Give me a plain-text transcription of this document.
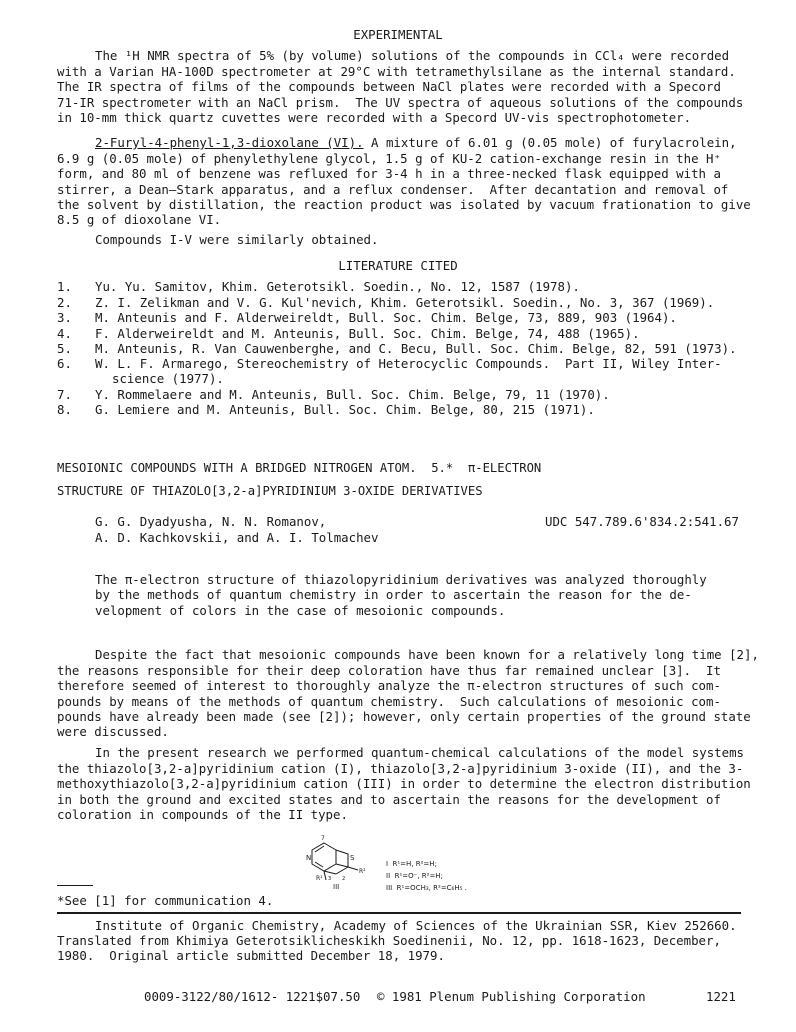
EXPERIMENTAL
The ¹H NMR spectra of 5% (by volume) solutions of the compounds in CCl₄ were recorded
with a Varian HA-100D spectrometer at 29°C with tetramethylsilane as the internal standard.
The IR spectra of films of the compounds between NaCl plates were recorded with a Specord
71-IR spectrometer with an NaCl prism.  The UV spectra of aqueous solutions of the compounds
in 10-mm thick quartz cuvettes were recorded with a Specord UV-vis spectrophotometer.
2-Furyl-4-phenyl-1,3-dioxolane (VI). A mixture of 6.01 g (0.05 mole) of furylacrolein,
6.9 g (0.05 mole) of phenylethylene glycol, 1.5 g of KU-2 cation-exchange resin in the H⁺
form, and 80 ml of benzene was refluxed for 3-4 h in a three-necked flask equipped with a
stirrer, a Dean–Stark apparatus, and a reflux condenser.  After decantation and removal of
the solvent by distillation, the reaction product was isolated by vacuum frationation to give
8.5 g of dioxolane VI.
Compounds I-V were similarly obtained.
LITERATURE CITED
1. Yu. Yu. Samitov, Khim. Geterotsikl. Soedin., No. 12, 1587 (1978).
2. Z. I. Zelikman and V. G. Kul'nevich, Khim. Geterotsikl. Soedin., No. 3, 367 (1969).
3. M. Anteunis and F. Alderweireldt, Bull. Soc. Chim. Belge, 73, 889, 903 (1964).
4. F. Alderweireldt and M. Anteunis, Bull. Soc. Chim. Belge, 74, 488 (1965).
5. M. Anteunis, R. Van Cauwenberghe, and C. Becu, Bull. Soc. Chim. Belge, 82, 591 (1973).
6. W. L. F. Armarego, Stereochemistry of Heterocyclic Compounds.  Part II, Wiley Inter-
science (1977).
7. Y. Rommelaere and M. Anteunis, Bull. Soc. Chim. Belge, 79, 11 (1970).
8. G. Lemiere and M. Anteunis, Bull. Soc. Chim. Belge, 80, 215 (1971).
MESOIONIC COMPOUNDS WITH A BRIDGED NITROGEN ATOM.  5.*  π-ELECTRON
STRUCTURE OF THIAZOLO[3,2-a]PYRIDINIUM 3-OXIDE DERIVATIVES
G. G. Dyadyusha, N. N. Romanov,
A. D. Kachkovskii, and A. I. Tolmachev
UDC 547.789.6'834.2:541.67
The π-electron structure of thiazolopyridinium derivatives was analyzed thoroughly
by the methods of quantum chemistry in order to ascertain the reason for the de-
velopment of colors in the case of mesoionic compounds.
Despite the fact that mesoionic compounds have been known for a relatively long time [2],
the reasons responsible for their deep coloration have thus far remained unclear [3].  It
therefore seemed of interest to thoroughly analyze the π-electron structures of such com-
pounds by means of the methods of quantum chemistry.  Such calculations of mesoionic com-
pounds have already been made (see [2]); however, only certain properties of the ground state
were discussed.
In the present research we performed quantum-chemical calculations of the model systems
the thiazolo[3,2-a]pyridinium cation (I), thiazolo[3,2-a]pyridinium 3-oxide (II), and the 3-
methoxythiazolo[3,2-a]pyridinium cation (III) in order to determine the electron distribution
in both the ground and excited states and to ascertain the reasons for the development of
coloration in compounds of the II type.
7
N	S
R²
R¹ 3 2
III
I  R¹=H, R²=H;
II  R¹=O⁻, R²=H;
III  R¹=OCH₃, R²=C₆H₅ .
*See [1] for communication 4.
Institute of Organic Chemistry, Academy of Sciences of the Ukrainian SSR, Kiev 252660.
Translated from Khimiya Geterotsiklicheskikh Soedinenii, No. 12, pp. 1618-1623, December,
1980.  Original article submitted December 18, 1979.
0009-3122/80/1612- 1221$07.50 © 1981 Plenum Publishing Corporation	1221
